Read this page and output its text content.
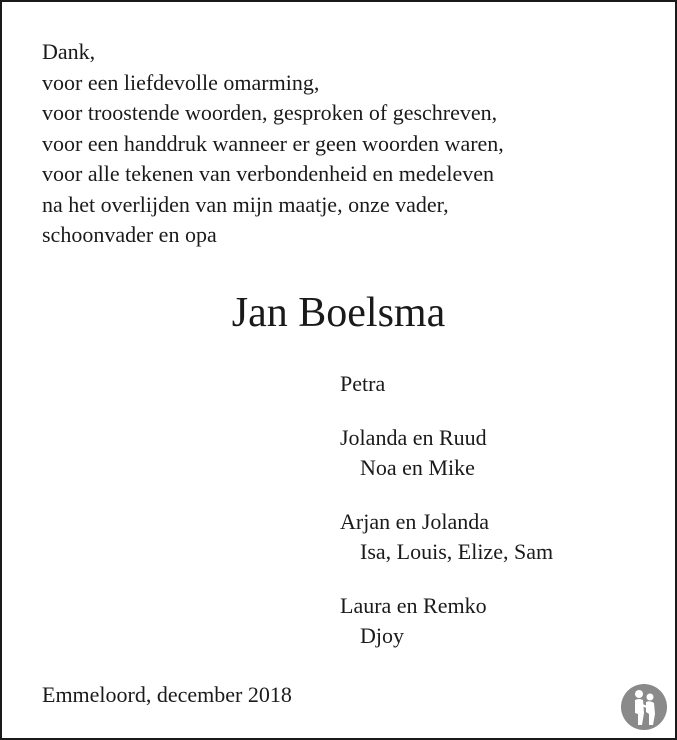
Dank,
voor een liefdevolle omarming,
voor troostende woorden, gesproken of geschreven,
voor een handdruk wanneer er geen woorden waren,
voor alle tekenen van verbondenheid en medeleven
na het overlijden van mijn maatje, onze vader,
schoonvader en opa
Jan Boelsma
Petra
Jolanda en Ruud
Noa en Mike
Arjan en Jolanda
Isa, Louis, Elize, Sam
Laura en Remko
Djoy
Emmeloord, december 2018
